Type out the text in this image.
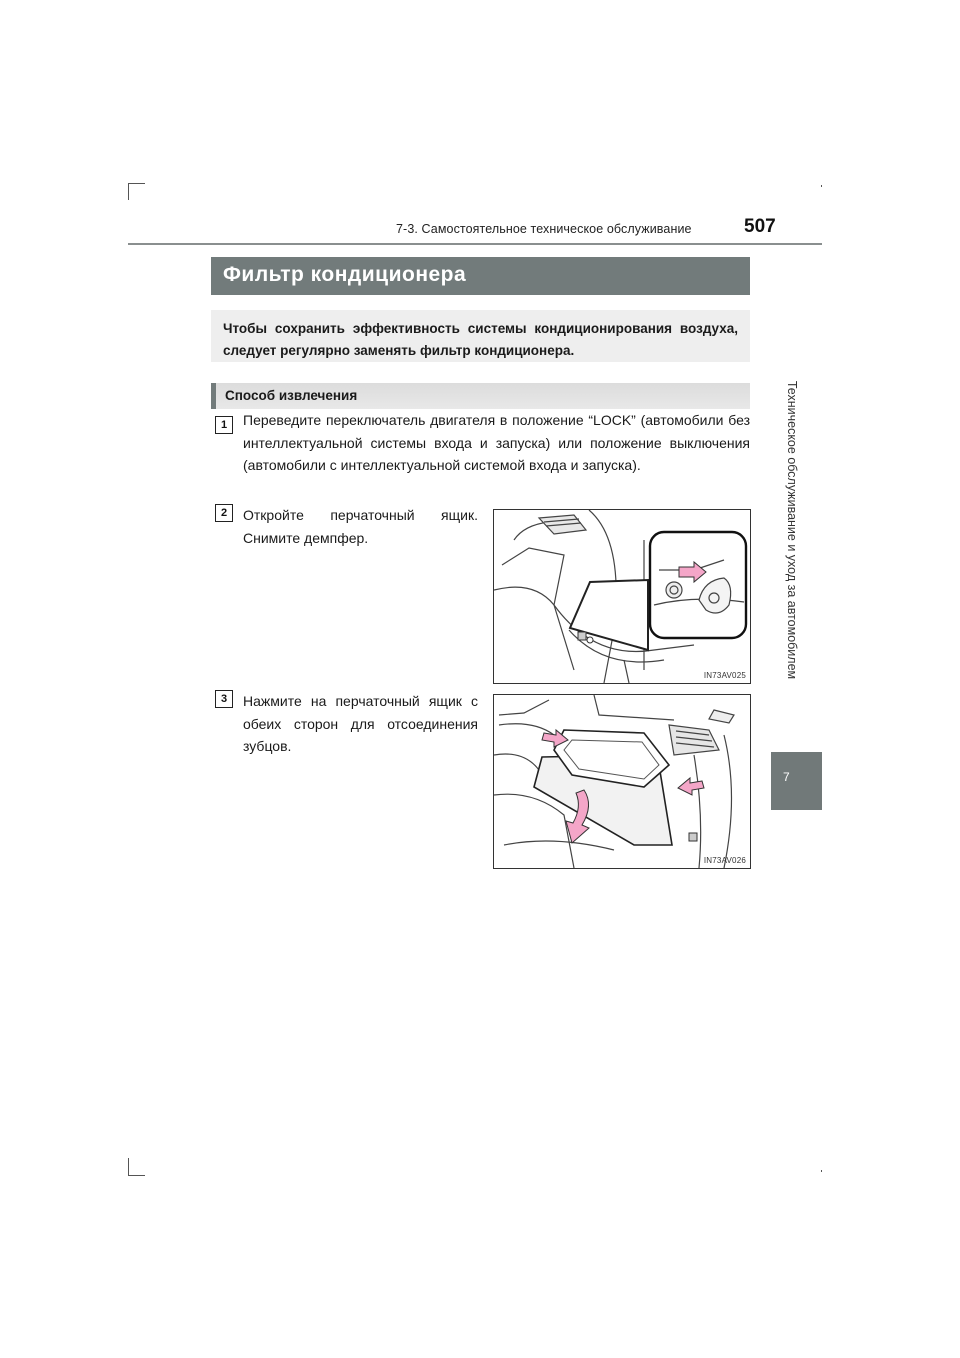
7-3. Самостоятельное техническое обслуживание	507
Техническое обслуживание и уход за автомобилем
7
Фильтр кондиционера

Чтобы сохранить эффективность системы кондиционирования воздуха, следует регулярно заменять фильтр кондиционера.

Способ извлечения
1	Переведите переключатель двигателя в положение “LOCK” (автомобили без интеллектуальной системы входа и запуска) или положение выключения (автомобили с интеллектуальной системой входа и запуска).
2	Откройте перчаточный ящик. Снимите демпфер.
IN73AV025
3	Нажмите на перчаточный ящик с обеих сторон для отсоединения зубцов.
IN73AV026
